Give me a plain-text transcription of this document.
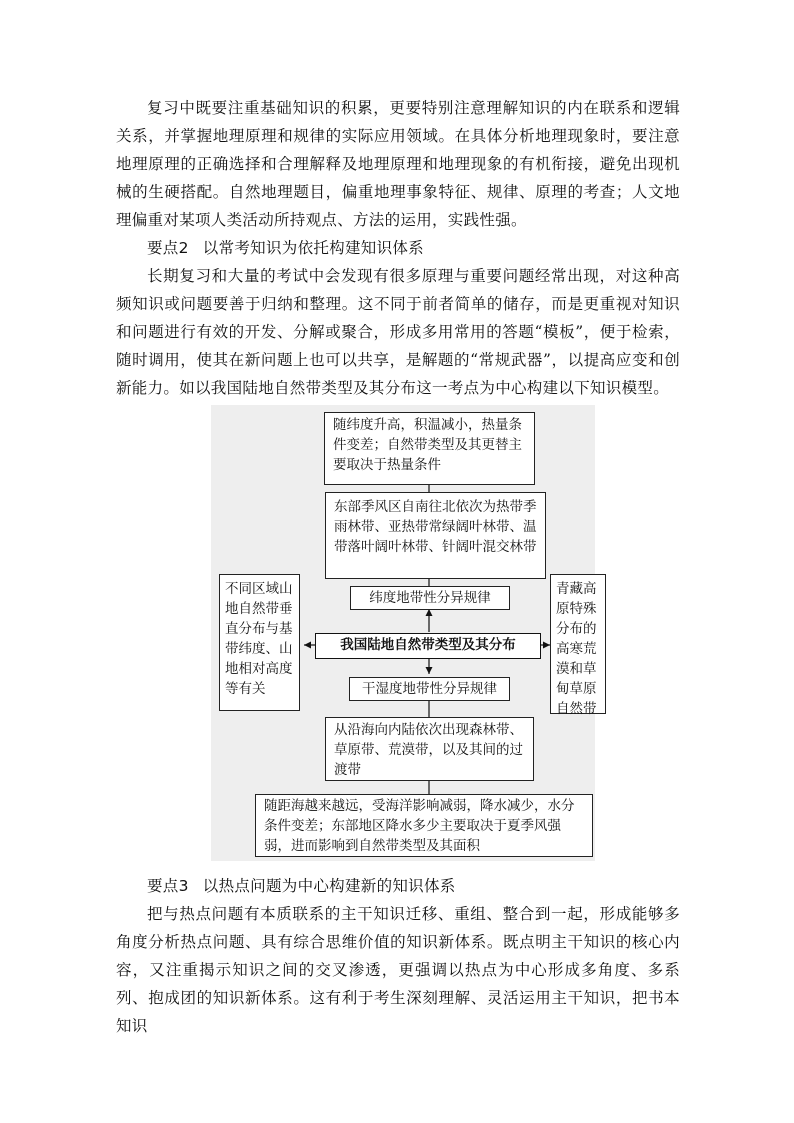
复习中既要注重基础知识的积累，更要特别注意理解知识的内在联系和逻辑关系，并掌握地理原理和规律的实际应用领域。在具体分析地理现象时，要注意地理原理的正确选择和合理解释及地理原理和地理现象的有机衔接，避免出现机械的生硬搭配。自然地理题目，偏重地理事象特征、规律、原理的考查；人文地理偏重对某项人类活动所持观点、方法的运用，实践性强。

要点2 以常考知识为依托构建知识体系

长期复习和大量的考试中会发现有很多原理与重要问题经常出现，对这种高频知识或问题要善于归纳和整理。这不同于前者简单的储存，而是更重视对知识和问题进行有效的开发、分解或聚合，形成多用常用的答题“模板”，便于检索，随时调用，使其在新问题上也可以共享，是解题的“常规武器”，以提高应变和创新能力。如以我国陆地自然带类型及其分布这一考点为中心构建以下知识模型。

随纬度升高，积温减小，热量条件变差；自然带类型及其更替主要取决于热量条件
东部季风区自南往北依次为热带季雨林带、亚热带常绿阔叶林带、温带落叶阔叶林带、针阔叶混交林带
纬度地带性分异规律
我国陆地自然带类型及其分布
干湿度地带性分异规律
从沿海向内陆依次出现森林带、草原带、荒漠带，以及其间的过渡带
随距海越来越远，受海洋影响减弱，降水减少，水分条件变差；东部地区降水多少主要取决于夏季风强弱，进而影响到自然带类型及其面积
不同区域山地自然带垂直分布与基带纬度、山地相对高度等有关
青藏高原特殊分布的高寒荒漠和草甸草原自然带

要点3 以热点问题为中心构建新的知识体系

把与热点问题有本质联系的主干知识迁移、重组、整合到一起，形成能够多角度分析热点问题、具有综合思维价值的知识新体系。既点明主干知识的核心内容，又注重揭示知识之间的交叉渗透，更强调以热点为中心形成多角度、多系列、抱成团的知识新体系。这有利于考生深刻理解、灵活运用主干知识，把书本知识
